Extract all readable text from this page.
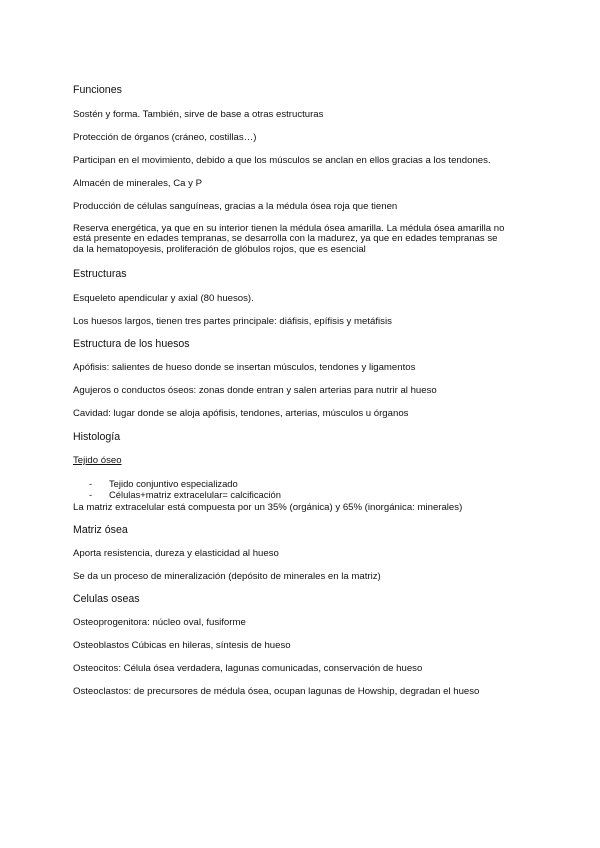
Funciones
Sostén y forma. También, sirve de base a otras estructuras
Protección de órganos (cráneo, costillas…)
Participan en el movimiento, debido a que los músculos se anclan en ellos gracias a los tendones.
Almacén de minerales, Ca y P
Producción de células sanguíneas, gracias a la médula ósea roja que tienen
Reserva energética, ya que en su interior tienen la médula ósea amarilla. La médula ósea amarilla no
está presente en edades tempranas, se desarrolla con la madurez, ya que en edades tempranas se
da la hematopoyesis, proliferación de glóbulos rojos, que es esencial
Estructuras
Esqueleto apendicular y axial (80 huesos).
Los huesos largos, tienen tres partes principale: diáfisis, epífisis y metáfisis
Estructura de los huesos
Apófisis: salientes de hueso donde se insertan músculos, tendones y ligamentos
Agujeros o conductos óseos: zonas donde entran y salen arterias para nutrir al hueso
Cavidad: lugar donde se aloja apófisis, tendones, arterias, músculos u órganos
Histología
Tejido óseo
- Tejido conjuntivo especializado
- Células+matriz extracelular= calcificación
La matriz extracelular está compuesta por un 35% (orgánica) y 65% (inorgánica: minerales)
Matriz ósea
Aporta resistencia, dureza y elasticidad al hueso
Se da un proceso de mineralización (depósito de minerales en la matriz)
Celulas oseas
Osteoprogenitora: núcleo oval, fusiforme
Osteoblastos Cúbicas en hileras, síntesis de hueso
Osteocitos: Célula ósea verdadera, lagunas comunicadas, conservación de hueso
Osteoclastos: de precursores de médula ósea, ocupan lagunas de Howship, degradan el hueso
